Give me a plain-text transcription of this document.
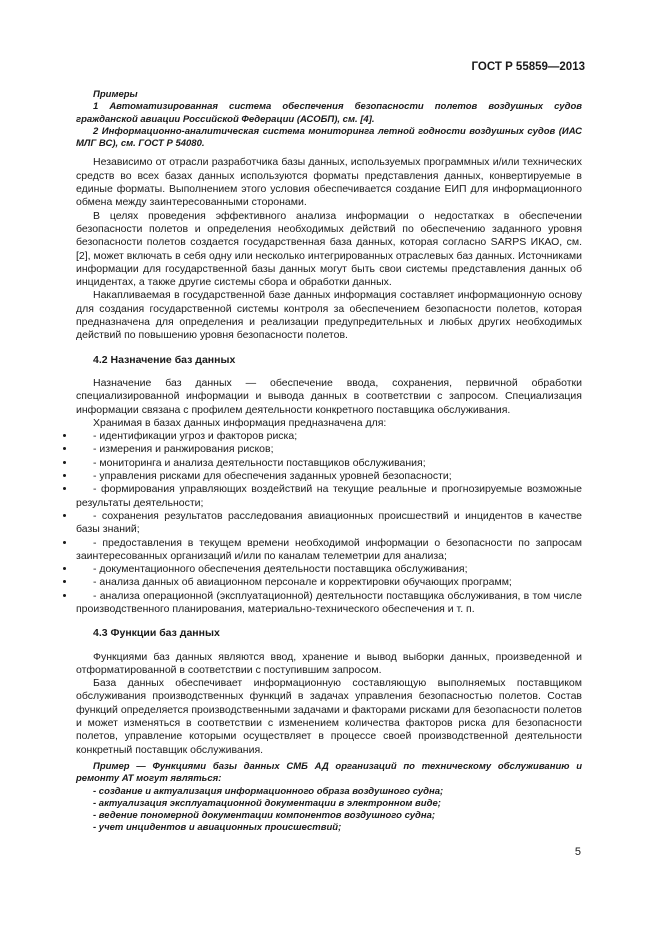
ГОСТ Р 55859—2013

Примеры

1 Автоматизированная система обеспечения безопасности полетов воздушных судов гражданской авиации Российской Федерации (АСОБП), см. [4].

2 Информационно-аналитическая система мониторинга летной годности воздушных судов (ИАС МЛГ ВС), см. ГОСТ Р 54080.

Независимо от отрасли разработчика базы данных, используемых программных и/или технических средств во всех базах данных используются форматы представления данных, конвертируемые в единые форматы. Выполнением этого условия обеспечивается создание ЕИП для информационного обмена между заинтересованными сторонами.

В целях проведения эффективного анализа информации о недостатках в обеспечении безопасности полетов и определения необходимых действий по обеспечению заданного уровня безопасности полетов создается государственная база данных, которая согласно SARPS ИКАО, см. [2], может включать в себя одну или несколько интегрированных отраслевых баз данных. Источниками информации для государственной базы данных могут быть свои системы представления данных об инцидентах, а также другие системы сбора и обработки данных.

Накапливаемая в государственной базе данных информация составляет информационную основу для создания государственной системы контроля за обеспечением безопасности полетов, которая предназначена для определения и реализации предупредительных и любых других необходимых действий по повышению уровня безопасности полетов.

4.2 Назначение баз данных

Назначение баз данных — обеспечение ввода, сохранения, первичной обработки специализированной информации и вывода данных в соответствии с запросом. Специализация информации связана с профилем деятельности конкретного поставщика обслуживания.

Хранимая в базах данных информация предназначена для:

• - идентификации угроз и факторов риска;

• - измерения и ранжирования рисков;

• - мониторинга и анализа деятельности поставщиков обслуживания;

• - управления рисками для обеспечения заданных уровней безопасности;

• - формирования управляющих воздействий на текущие реальные и прогнозируемые возможные результаты деятельности;

• - сохранения результатов расследования авиационных происшествий и инцидентов в качестве базы знаний;

• - предоставления в текущем времени необходимой информации о безопасности по запросам заинтересованных организаций и/или по каналам телеметрии для анализа;

• - документационного обеспечения деятельности поставщика обслуживания;

• - анализа данных об авиационном персонале и корректировки обучающих программ;

• - анализа операционной (эксплуатационной) деятельности поставщика обслуживания, в том числе производственного планирования, материально-технического обеспечения и т. п.

4.3 Функции баз данных

Функциями баз данных являются ввод, хранение и вывод выборки данных, произведенной и отформатированной в соответствии с поступившим запросом.

База данных обеспечивает информационную составляющую выполняемых поставщиком обслуживания производственных функций в задачах управления безопасностью полетов. Состав функций определяется производственными задачами и факторами рисками для безопасности полетов и может изменяться в соответствии с изменением количества факторов риска для безопасности полетов, управление которыми осуществляет в процессе своей производственной деятельности конкретный поставщик обслуживания.

Пример — Функциями базы данных СМБ АД организаций по техническому обслуживанию и ремонту АТ могут являться:

- создание и актуализация информационного образа воздушного судна;

- актуализация эксплуатационной документации в электронном виде;

- ведение пономерной документации компонентов воздушного судна;

- учет инцидентов и авиационных происшествий;

5
